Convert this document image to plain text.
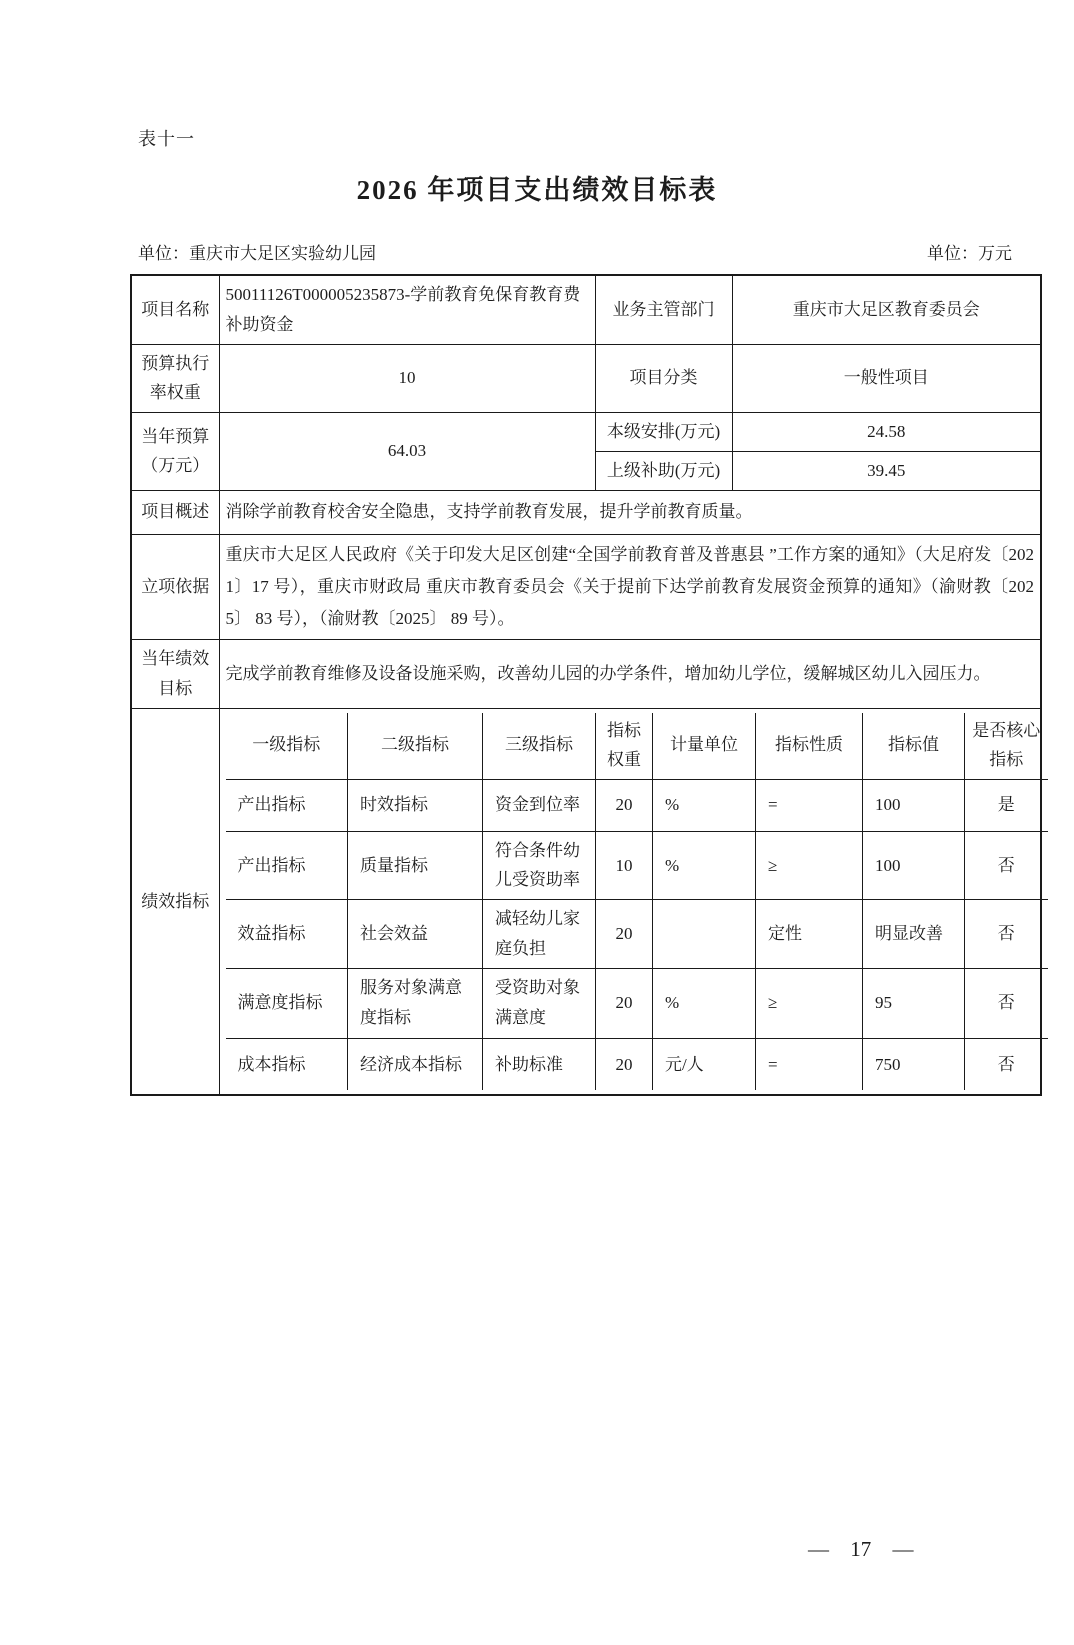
表十一
2026 年项目支出绩效目标表
单位：重庆市大足区实验幼儿园	单位：万元
项目名称	50011126T000005235873-学前教育免保育教育费补助资金	业务主管部门	重庆市大足区教育委员会
预算执行率权重	10	项目分类	一般性项目
当年预算（万元）	64.03	本级安排(万元)	24.58
上级补助(万元)	39.45
项目概述	消除学前教育校舍安全隐患，支持学前教育发展，提升学前教育质量。
立项依据	重庆市大足区人民政府《关于印发大足区创建“全国学前教育普及普惠县 ”工作方案的通知》（大足府发〔2021〕17 号），重庆市财政局 重庆市教育委员会《关于提前下达学前教育发展资金预算的通知》（渝财教〔2025〕 83 号），（渝财教〔2025〕 89 号）。
当年绩效目标	完成学前教育维修及设备设施采购，改善幼儿园的办学条件，增加幼儿学位，缓解城区幼儿入园压力。
绩效指标	
一级指标	二级指标	三级指标	指标权重	计量单位	指标性质	指标值	是否核心指标
产出指标	时效指标	资金到位率	20	%	=	100	是
产出指标	质量指标	符合条件幼儿受资助率	10	%	≥	100	否
效益指标	社会效益	减轻幼儿家庭负担	20		定性	明显改善	否
满意度指标	服务对象满意度指标	受资助对象满意度	20	%	≥	95	否
成本指标	经济成本指标	补助标准	20	元/人	=	750	否
— 17 —
